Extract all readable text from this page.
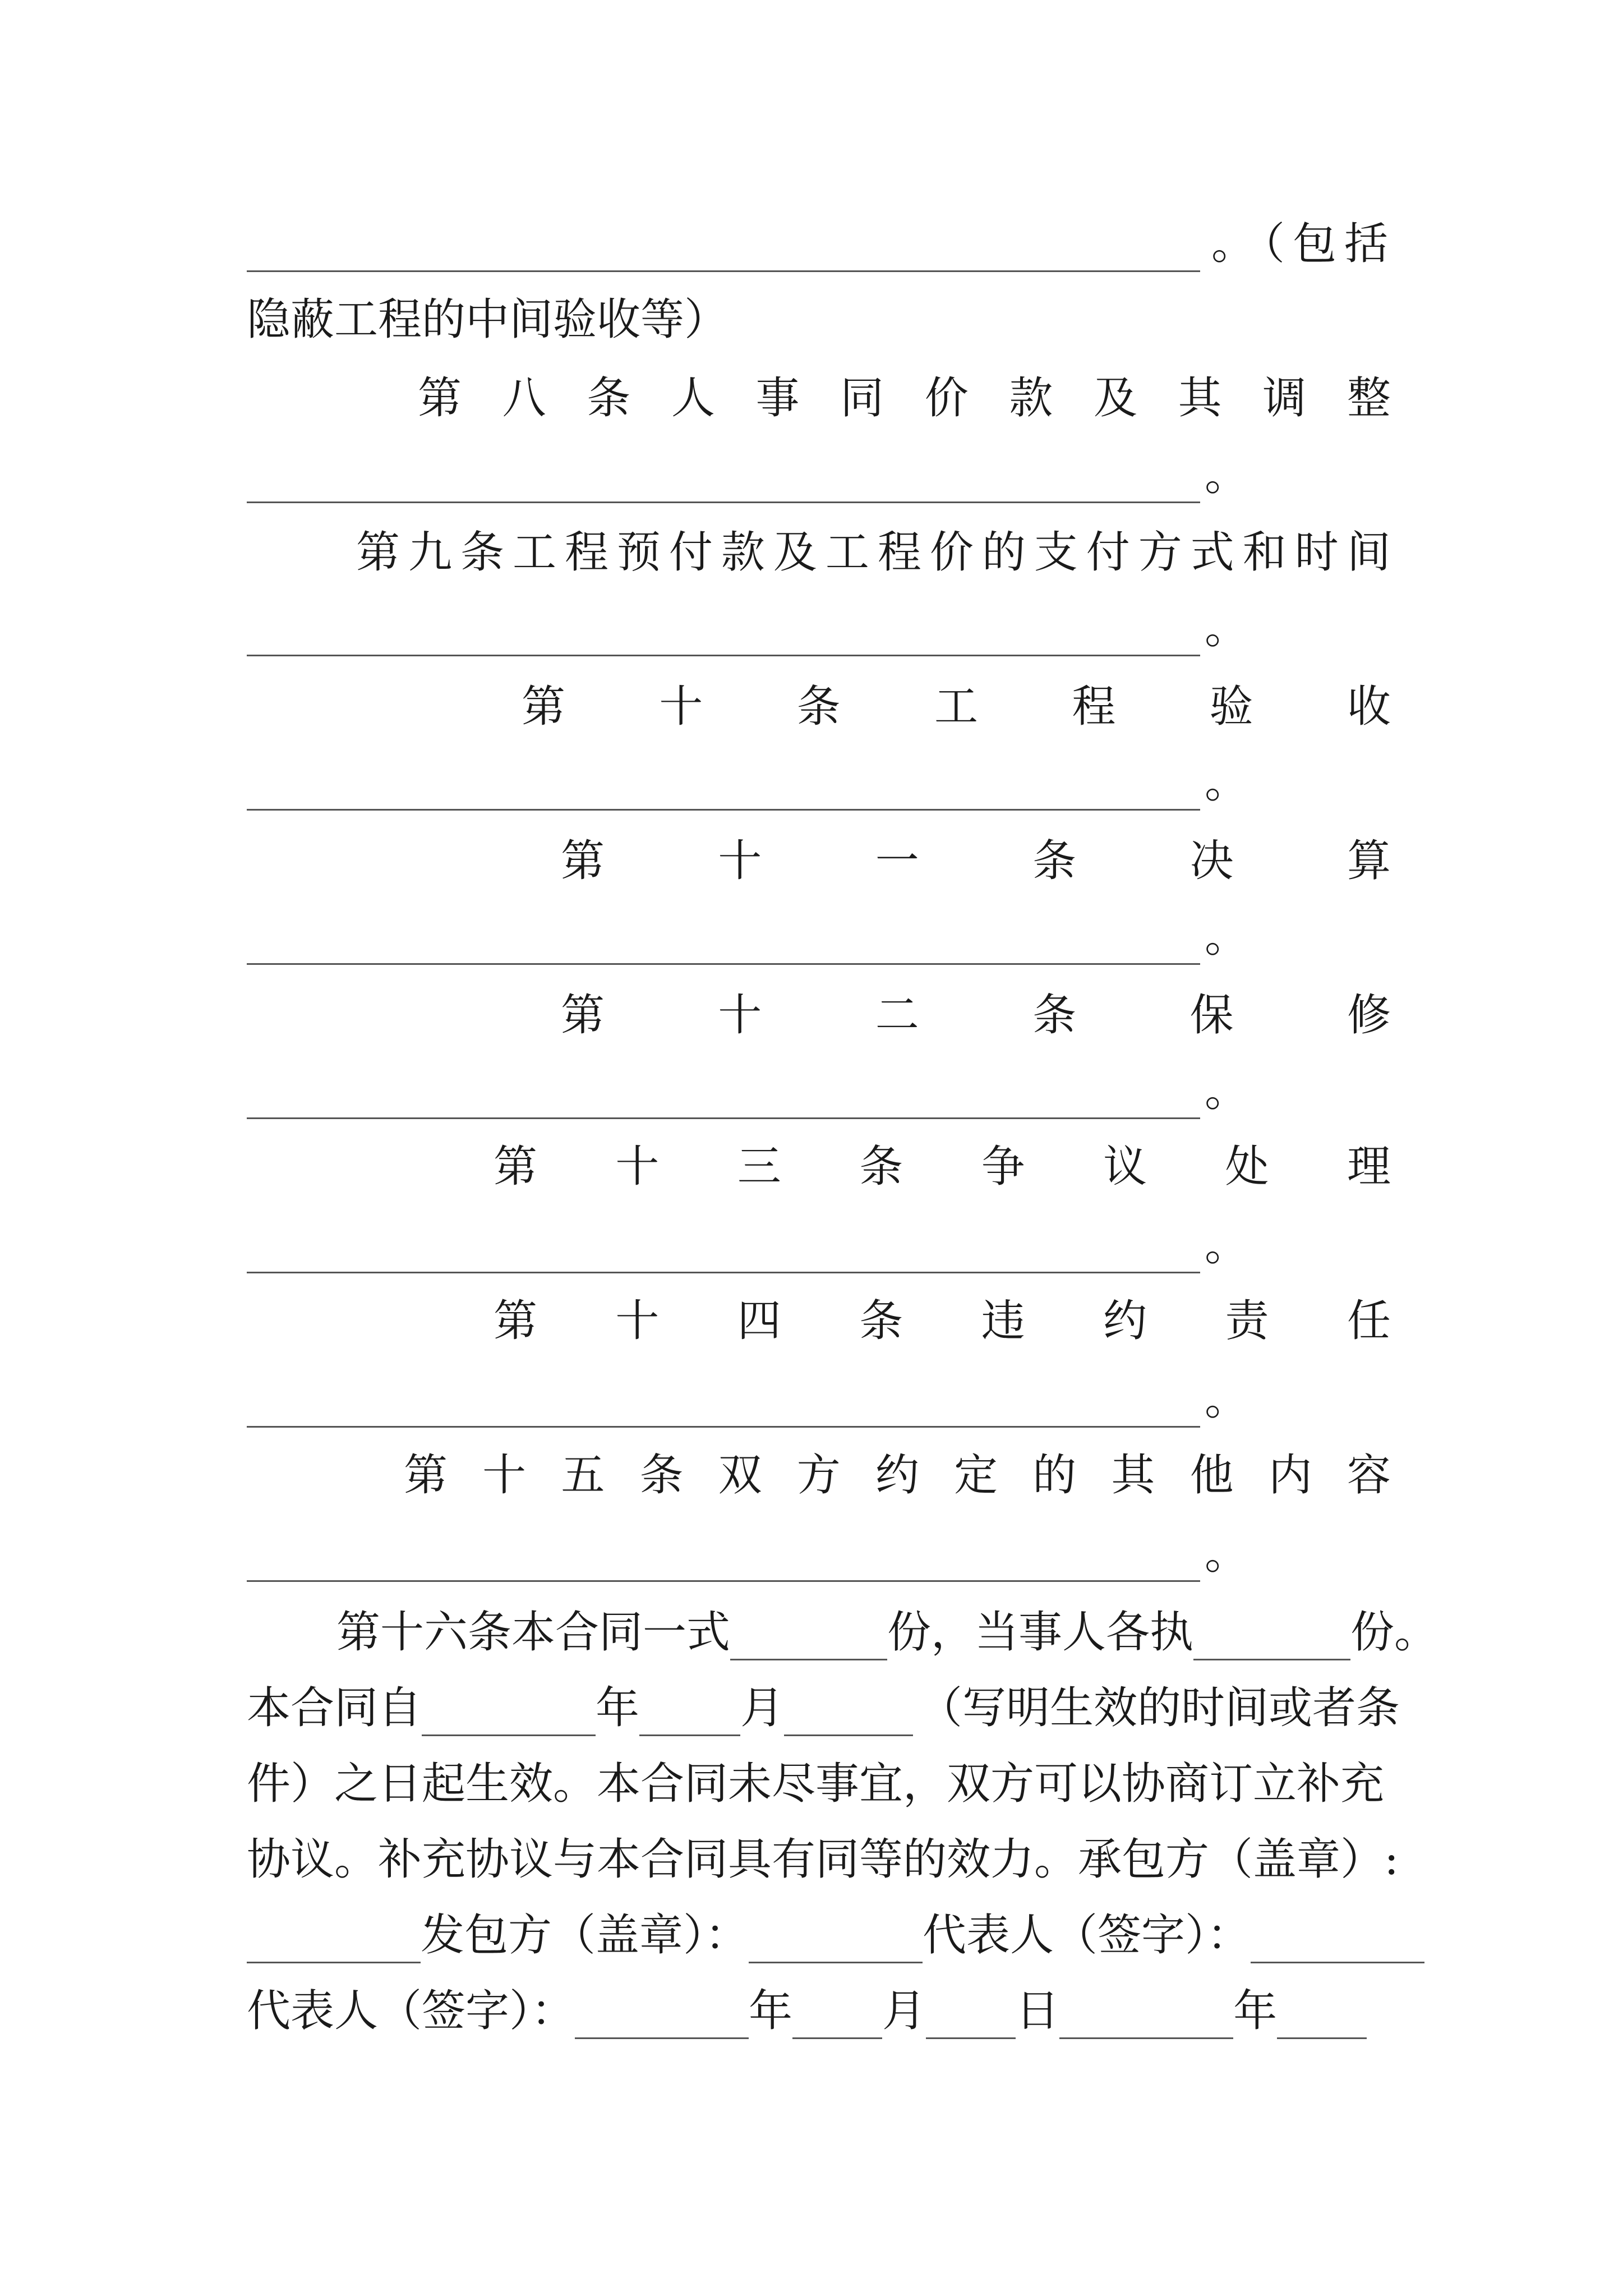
。（包括
隐蔽工程的中间验收等）
第 八 条 人 事 同 价 款 及 其 调 整
。
第 九 条 工 程 预 付 款 及 工 程 价 的 支 付 方 式 和 时 间
。
第 十 条 工 程 验 收
。
第	十	一	条	决	算
。
第	十	二	条	保	修
。
第 十 三 条 争 议 处 理
。
第 十 四 条 违 约 责 任
。
第 十 五 条 双 方 约 定 的 其 他 内 容
。
第十六条本合同一式	份，当事人各执	份。
本合同自	年 月	（写明生效的时间或者条
件）之日起生效。本合同未尽事宜，双方可以协商订立补充
协议。补充协议与本合同具有同等的效力。承包方（盖章）:
发包方（盖章）：	代表人（签字）：
代表人（签字）：	年 月 日	年
